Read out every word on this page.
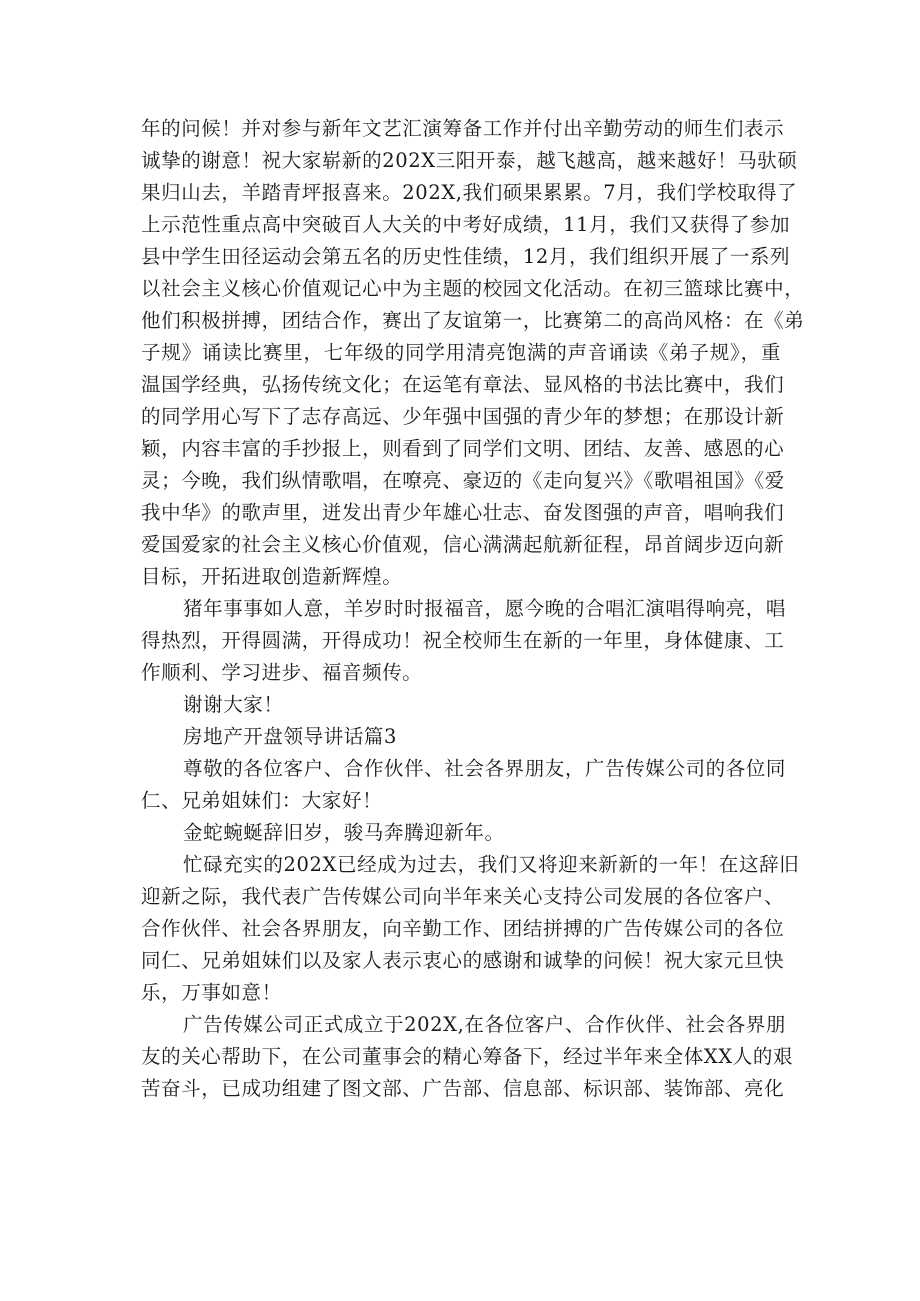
年的问候！并对参与新年文艺汇演筹备工作并付出辛勤劳动的师生们表示
诚挚的谢意！祝大家崭新的202X三阳开泰，越飞越高，越来越好！马驮硕
果归山去，羊踏青坪报喜来。202X,我们硕果累累。7月，我们学校取得了
上示范性重点高中突破百人大关的中考好成绩，11月，我们又获得了参加
县中学生田径运动会第五名的历史性佳绩，12月，我们组织开展了一系列
以社会主义核心价值观记心中为主题的校园文化活动。在初三篮球比赛中，
他们积极拼搏，团结合作，赛出了友谊第一，比赛第二的高尚风格：在《弟
子规》诵读比赛里，七年级的同学用清亮饱满的声音诵读《弟子规》，重
温国学经典，弘扬传统文化；在运笔有章法、显风格的书法比赛中，我们
的同学用心写下了志存高远、少年强中国强的青少年的梦想；在那设计新
颖，内容丰富的手抄报上，则看到了同学们文明、团结、友善、感恩的心
灵；今晚，我们纵情歌唱，在嘹亮、豪迈的《走向复兴》《歌唱祖国》《爱
我中华》的歌声里，迸发出青少年雄心壮志、奋发图强的声音，唱响我们
爱国爱家的社会主义核心价值观，信心满满起航新征程，昂首阔步迈向新
目标，开拓进取创造新辉煌。
猪年事事如人意，羊岁时时报福音，愿今晚的合唱汇演唱得响亮，唱
得热烈，开得圆满，开得成功！祝全校师生在新的一年里，身体健康、工
作顺利、学习进步、福音频传。
谢谢大家！
房地产开盘领导讲话篇3
尊敬的各位客户、合作伙伴、社会各界朋友，广告传媒公司的各位同
仁、兄弟姐妹们：大家好！
金蛇蜿蜒辞旧岁，骏马奔腾迎新年。
忙碌充实的202X已经成为过去，我们又将迎来新新的一年！在这辞旧
迎新之际，我代表广告传媒公司向半年来关心支持公司发展的各位客户、
合作伙伴、社会各界朋友，向辛勤工作、团结拼搏的广告传媒公司的各位
同仁、兄弟姐妹们以及家人表示衷心的感谢和诚挚的问候！祝大家元旦快
乐，万事如意！
广告传媒公司正式成立于202X,在各位客户、合作伙伴、社会各界朋
友的关心帮助下，在公司董事会的精心筹备下，经过半年来全体XX人的艰
苦奋斗，已成功组建了图文部、广告部、信息部、标识部、装饰部、亮化
